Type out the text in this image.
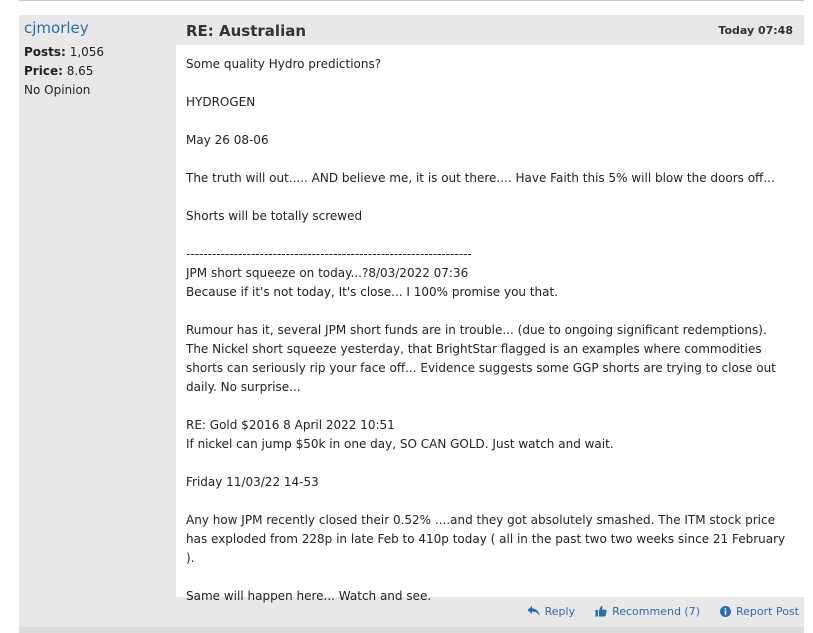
cjmorley
Posts: 1,056
Price: 8.65
No Opinion
RE: Australian	Today 07:48
Some quality Hydro predictions?
HYDROGEN
May 26 08-06
The truth will out..... AND believe me, it is out there.... Have Faith this 5% will blow the doors off...
Shorts will be totally screwed
------------------------------------------------------------------
JPM short squeeze on today...?8/03/2022 07:36
Because if it's not today, It's close... I 100% promise you that.
Rumour has it, several JPM short funds are in trouble... (due to ongoing significant redemptions).
The Nickel short squeeze yesterday, that BrightStar flagged is an examples where commodities shorts can seriously rip your face off... Evidence suggests some GGP shorts are trying to close out daily. No surprise...
RE: Gold $2016 8 April 2022 10:51
If nickel can jump $50k in one day, SO CAN GOLD. Just watch and wait.
Friday 11/03/22 14-53
Any how JPM recently closed their 0.52% ....and they got absolutely smashed. The ITM stock price has exploded from 228p in late Feb to 410p today ( all in the past two two weeks since 21 February ).
Same will happen here... Watch and see.
Reply	Recommend (7)	Report Post
